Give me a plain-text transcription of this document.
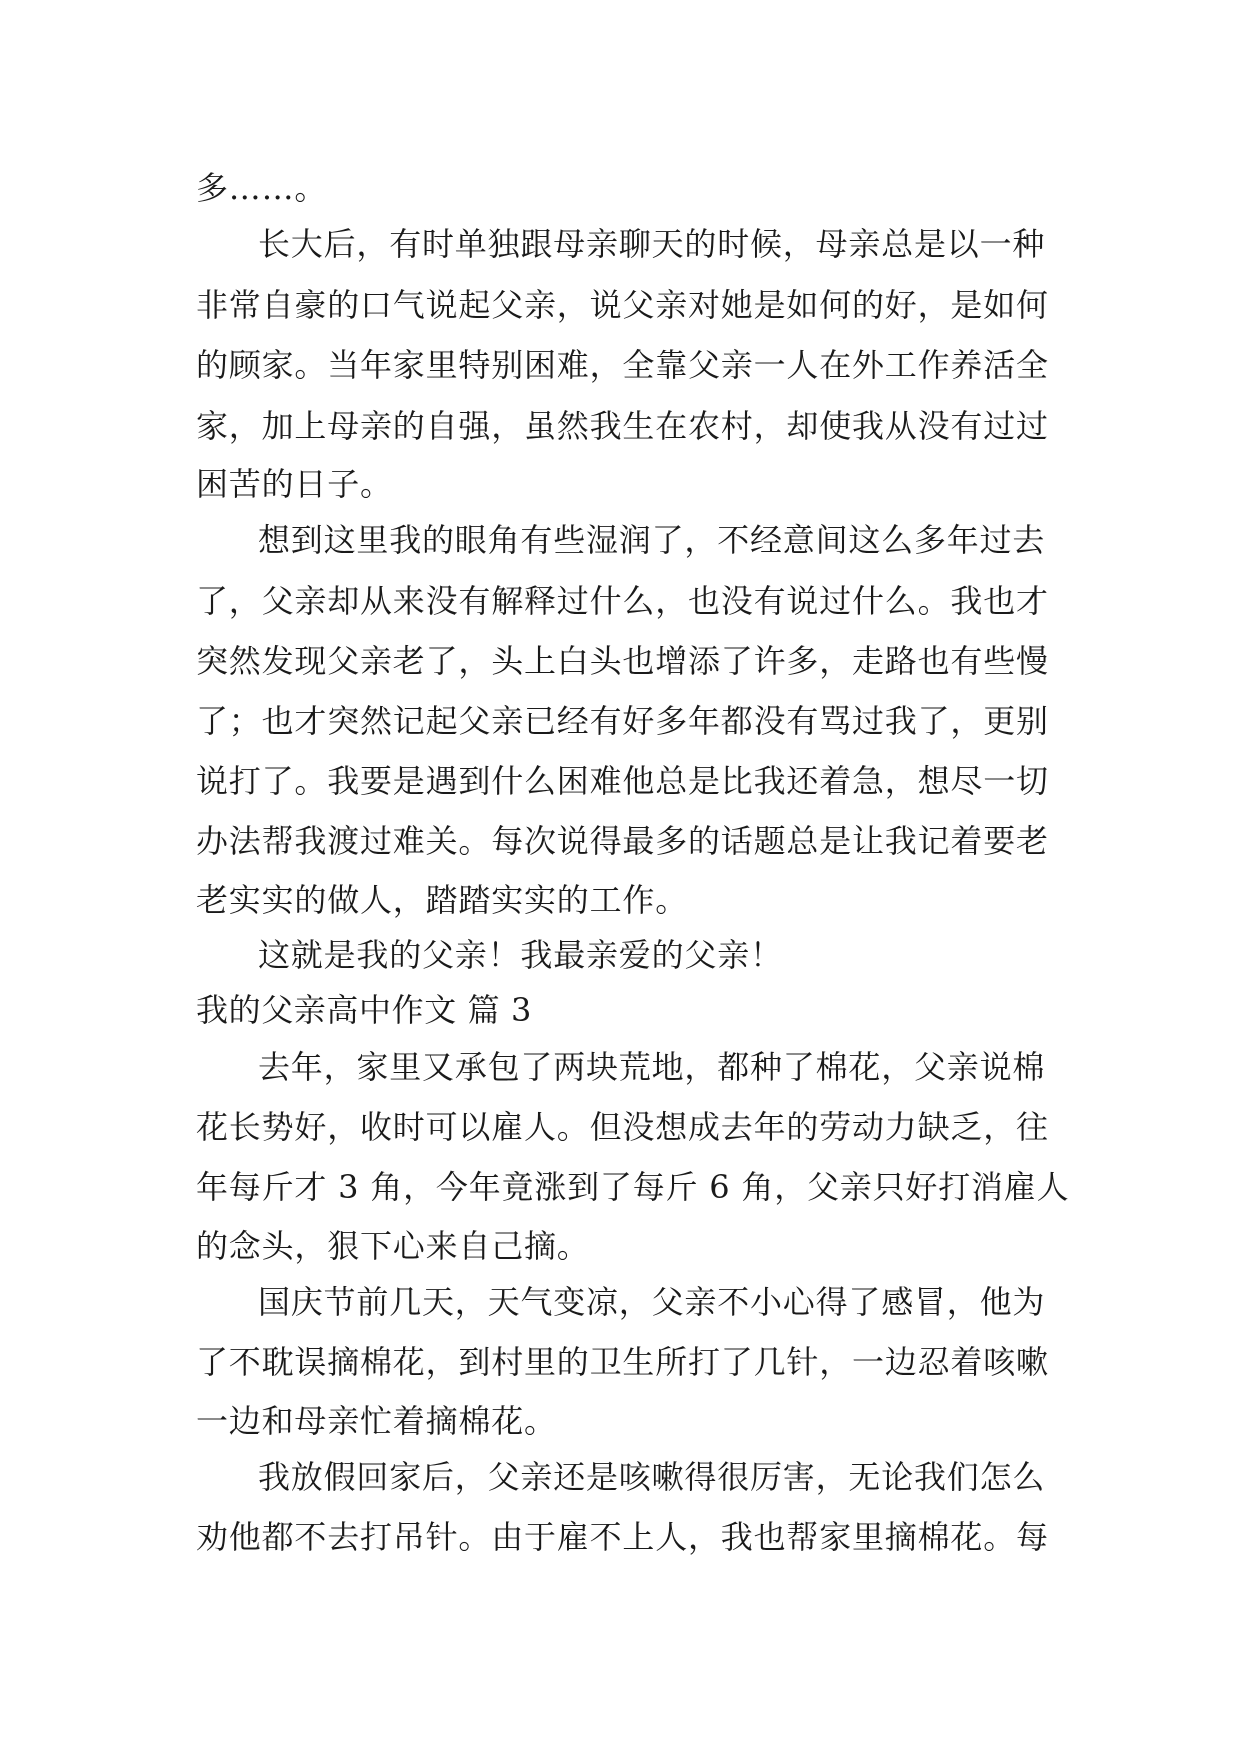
多……。
长大后，有时单独跟母亲聊天的时候，母亲总是以一种
非常自豪的口气说起父亲，说父亲对她是如何的好，是如何
的顾家。当年家里特别困难，全靠父亲一人在外工作养活全
家，加上母亲的自强，虽然我生在农村，却使我从没有过过
困苦的日子。
想到这里我的眼角有些湿润了，不经意间这么多年过去
了，父亲却从来没有解释过什么，也没有说过什么。我也才
突然发现父亲老了，头上白头也增添了许多，走路也有些慢
了；也才突然记起父亲已经有好多年都没有骂过我了，更别
说打了。我要是遇到什么困难他总是比我还着急，想尽一切
办法帮我渡过难关。每次说得最多的话题总是让我记着要老
老实实的做人，踏踏实实的工作。
这就是我的父亲！我最亲爱的父亲！
我的父亲高中作文 篇 3
去年，家里又承包了两块荒地，都种了棉花，父亲说棉
花长势好，收时可以雇人。但没想成去年的劳动力缺乏，往
年每斤才 3 角，今年竟涨到了每斤 6 角，父亲只好打消雇人
的念头，狠下心来自己摘。
国庆节前几天，天气变凉，父亲不小心得了感冒，他为
了不耽误摘棉花，到村里的卫生所打了几针，一边忍着咳嗽
一边和母亲忙着摘棉花。
我放假回家后，父亲还是咳嗽得很厉害，无论我们怎么
劝他都不去打吊针。由于雇不上人，我也帮家里摘棉花。每
